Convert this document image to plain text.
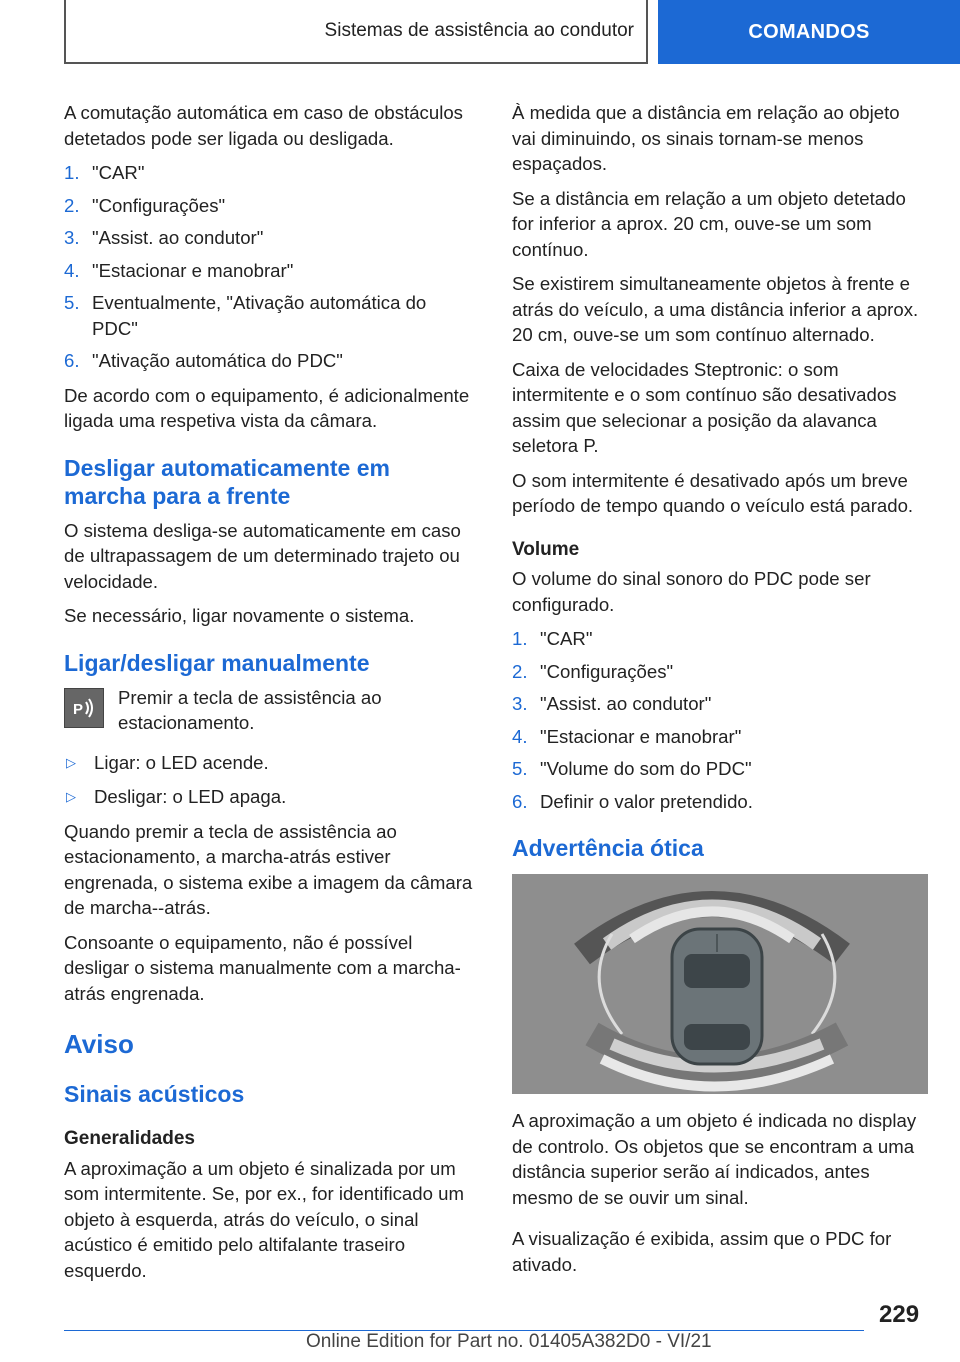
Sistemas de assistência ao condutor	COMANDOS

A comutação automática em caso de obstáculos detetados pode ser ligada ou desligada.

1. "CAR"
2. "Configurações"
3. "Assist. ao condutor"
4. "Estacionar e manobrar"
5. Eventualmente, "Ativação automática do PDC"
6. "Ativação automática do PDC"

De acordo com o equipamento, é adicionalmente ligada uma respetiva vista da câmara.

Desligar automaticamente em marcha para a frente

O sistema desliga-se automaticamente em caso de ultrapassagem de um determinado trajeto ou velocidade.

Se necessário, ligar novamente o sistema.

Ligar/desligar manualmente
P
Premir a tecla de assistência ao estacionamento.
▷ Ligar: o LED acende.
▷ Desligar: o LED apaga.

Quando premir a tecla de assistência ao estacionamento, a marcha-atrás estiver engrenada, o sistema exibe a imagem da câmara de marcha--atrás.

Consoante o equipamento, não é possível desligar o sistema manualmente com a marcha-atrás engrenada.

Aviso
Sinais acústicos
Generalidades

A aproximação a um objeto é sinalizada por um som intermitente. Se, por ex., for identificado um objeto à esquerda, atrás do veículo, o sinal acústico é emitido pelo altifalante traseiro esquerdo.

À medida que a distância em relação ao objeto vai diminuindo, os sinais tornam-se menos espaçados.

Se a distância em relação a um objeto detetado for inferior a aprox. 20 cm, ouve-se um som contínuo.

Se existirem simultaneamente objetos à frente e atrás do veículo, a uma distância inferior a aprox. 20 cm, ouve-se um som contínuo alternado.

Caixa de velocidades Steptronic: o som intermitente e o som contínuo são desativados assim que selecionar a posição da alavanca seletora P.

O som intermitente é desativado após um breve período de tempo quando o veículo está parado.

Volume

O volume do sinal sonoro do PDC pode ser configurado.

1. "CAR"
2. "Configurações"
3. "Assist. ao condutor"
4. "Estacionar e manobrar"
5. "Volume do som do PDC"
6. Definir o valor pretendido.
Advertência ótica

A aproximação a um objeto é indicada no display de controlo. Os objetos que se encontram a uma distância superior serão aí indicados, antes mesmo de se ouvir um sinal.

A visualização é exibida, assim que o PDC for ativado.

229
Online Edition for Part no. 01405A382D0 - VI/21
